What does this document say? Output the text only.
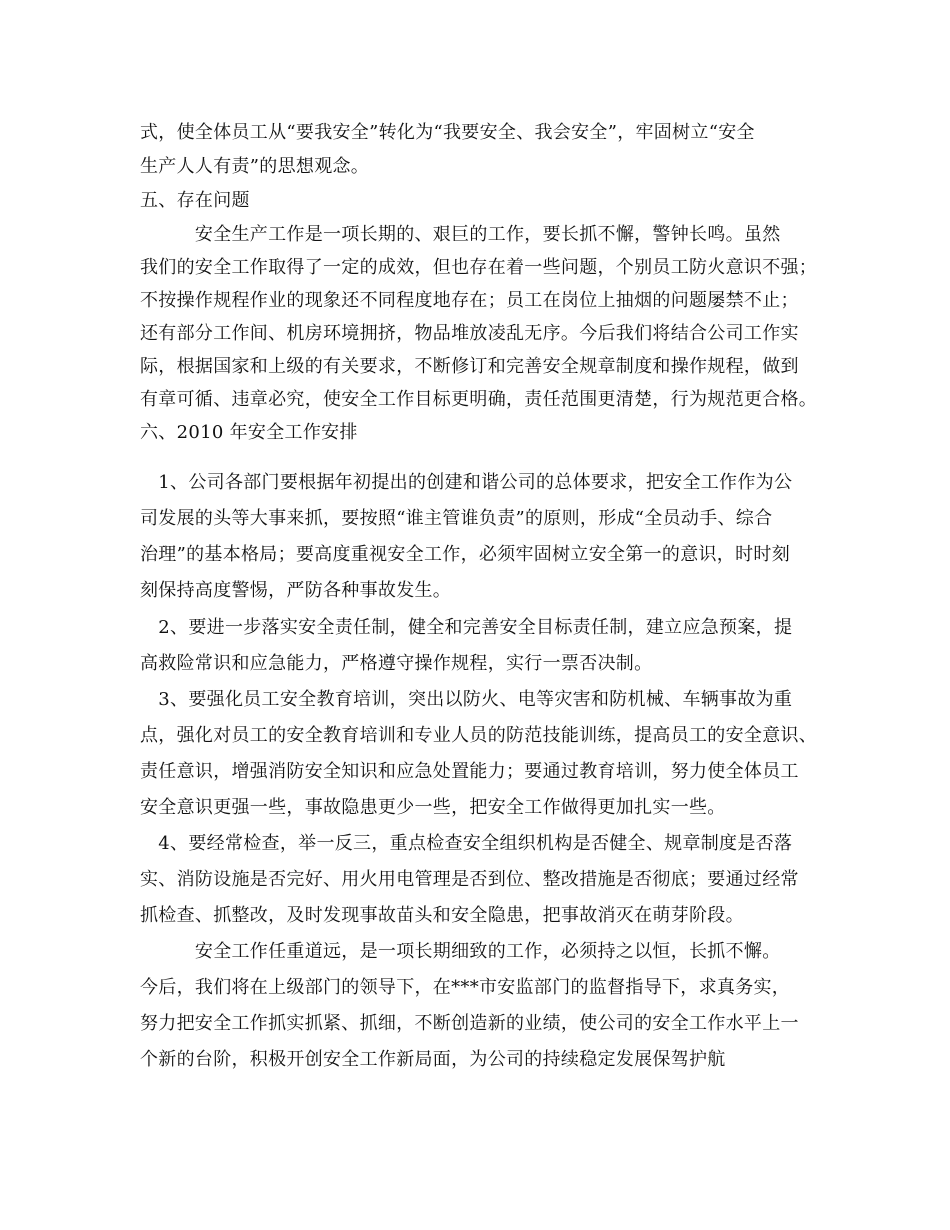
式，使全体员工从“要我安全”转化为“我要安全、我会安全”，牢固树立“安全
生产人人有责”的思想观念。
五、存在问题
　　　安全生产工作是一项长期的、艰巨的工作，要长抓不懈，警钟长鸣。虽然
我们的安全工作取得了一定的成效，但也存在着一些问题，个别员工防火意识不强；
不按操作规程作业的现象还不同程度地存在；员工在岗位上抽烟的问题屡禁不止；
还有部分工作间、机房环境拥挤，物品堆放凌乱无序。今后我们将结合公司工作实
际，根据国家和上级的有关要求，不断修订和完善安全规章制度和操作规程，做到
有章可循、违章必究，使安全工作目标更明确，责任范围更清楚，行为规范更合格。
六、2010 年安全工作安排
　1、公司各部门要根据年初提出的创建和谐公司的总体要求，把安全工作作为公
司发展的头等大事来抓，要按照“谁主管谁负责”的原则，形成“全员动手、综合
治理”的基本格局；要高度重视安全工作，必须牢固树立安全第一的意识，时时刻
刻保持高度警惕，严防各种事故发生。
　2、要进一步落实安全责任制，健全和完善安全目标责任制，建立应急预案，提
高救险常识和应急能力，严格遵守操作规程，实行一票否决制。
　3、要强化员工安全教育培训，突出以防火、电等灾害和防机械、车辆事故为重
点，强化对员工的安全教育培训和专业人员的防范技能训练，提高员工的安全意识、
责任意识，增强消防安全知识和应急处置能力；要通过教育培训，努力使全体员工
安全意识更强一些，事故隐患更少一些，把安全工作做得更加扎实一些。
　4、要经常检查，举一反三，重点检查安全组织机构是否健全、规章制度是否落
实、消防设施是否完好、用火用电管理是否到位、整改措施是否彻底；要通过经常
抓检查、抓整改，及时发现事故苗头和安全隐患，把事故消灭在萌芽阶段。
　　　安全工作任重道远，是一项长期细致的工作，必须持之以恒，长抓不懈。
今后，我们将在上级部门的领导下，在***市安监部门的监督指导下，求真务实，
努力把安全工作抓实抓紧、抓细，不断创造新的业绩，使公司的安全工作水平上一
个新的台阶，积极开创安全工作新局面，为公司的持续稳定发展保驾护航
